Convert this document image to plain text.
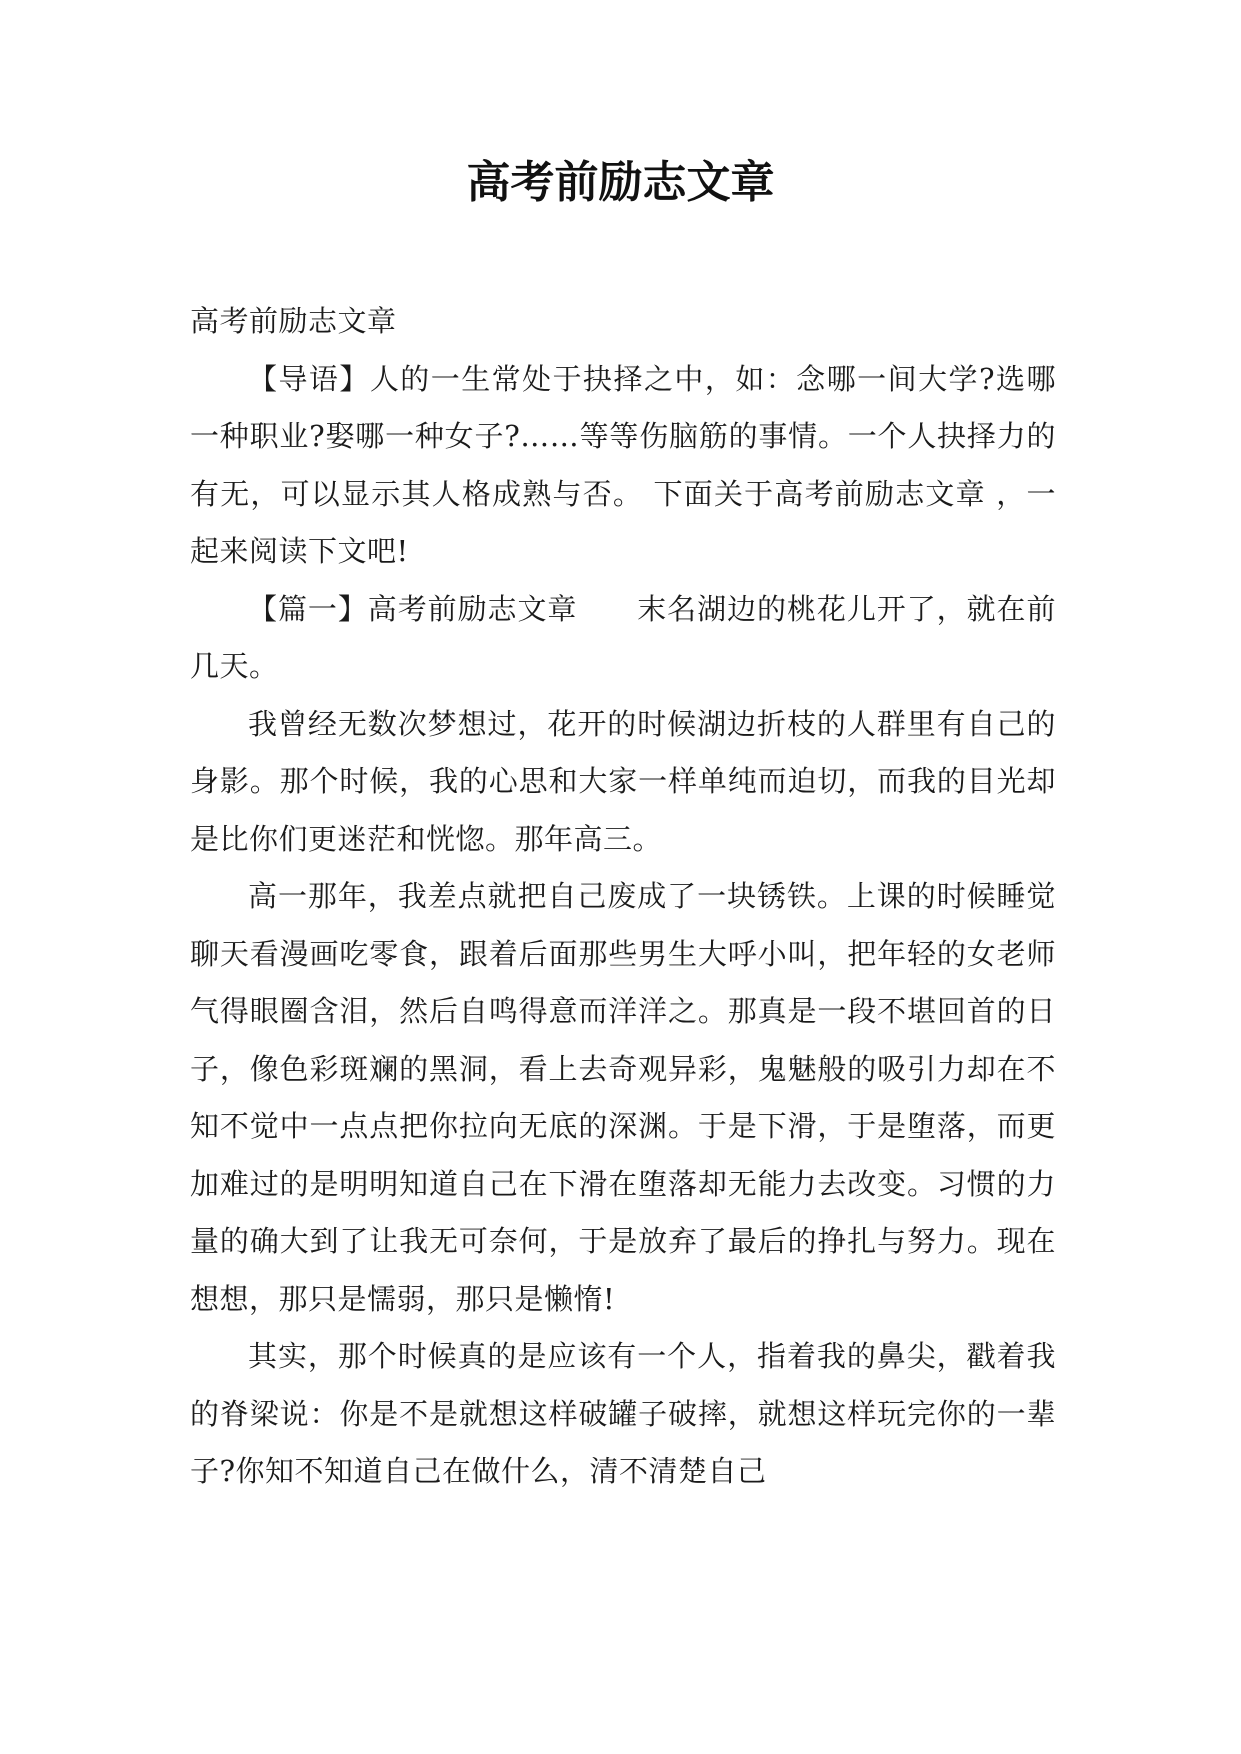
高考前励志文章

高考前励志文章

【导语】人的一生常处于抉择之中，如：念哪一间大学?选哪一种职业?娶哪一种女子?……等等伤脑筋的事情。一个人抉择力的有无，可以显示其人格成熟与否。 下面关于高考前励志文章 ，一起来阅读下文吧!

【篇一】高考前励志文章　　末名湖边的桃花儿开了，就在前几天。

我曾经无数次梦想过，花开的时候湖边折枝的人群里有自己的身影。那个时候，我的心思和大家一样单纯而迫切，而我的目光却是比你们更迷茫和恍惚。那年高三。

高一那年，我差点就把自己废成了一块锈铁。上课的时候睡觉聊天看漫画吃零食，跟着后面那些男生大呼小叫，把年轻的女老师气得眼圈含泪，然后自鸣得意而洋洋之。那真是一段不堪回首的日子，像色彩斑斓的黑洞，看上去奇观异彩，鬼魅般的吸引力却在不知不觉中一点点把你拉向无底的深渊。于是下滑，于是堕落，而更加难过的是明明知道自己在下滑在堕落却无能力去改变。习惯的力量的确大到了让我无可奈何，于是放弃了最后的挣扎与努力。现在想想，那只是懦弱，那只是懒惰!

其实，那个时候真的是应该有一个人，指着我的鼻尖，戳着我的脊梁说：你是不是就想这样破罐子破摔，就想这样玩完你的一辈子?你知不知道自己在做什么，清不清楚自己
